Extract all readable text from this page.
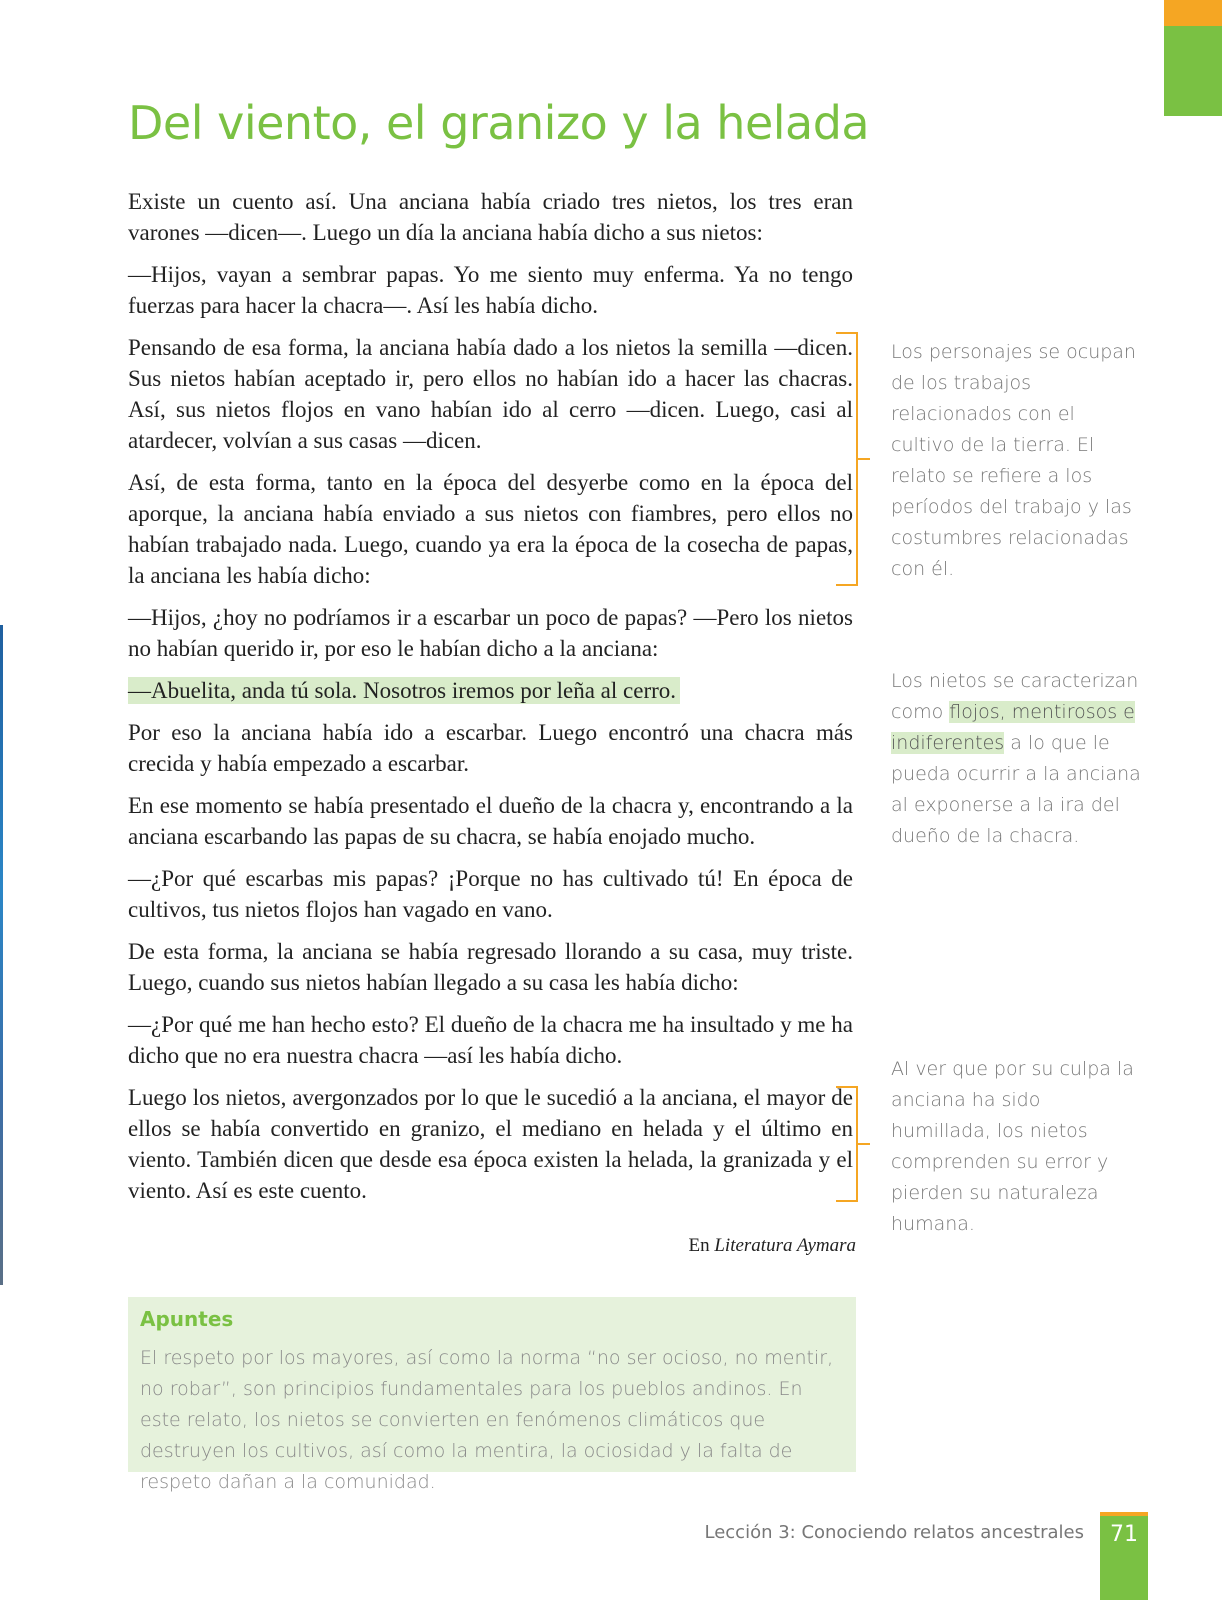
Del viento, el granizo y la helada

Existe un cuento así. Una anciana había criado tres nietos, los tres eran varones —dicen—. Luego un día la anciana había dicho a sus nietos:

—Hijos, vayan a sembrar papas. Yo me siento muy enferma. Ya no tengo fuerzas para hacer la chacra—. Así les había dicho.

Pensando de esa forma, la anciana había dado a los nietos la semilla —dicen. Sus nietos habían aceptado ir, pero ellos no habían ido a hacer las chacras. Así, sus nietos flojos en vano habían ido al cerro —dicen. Luego, casi al atardecer, volvían a sus casas —dicen.

Así, de esta forma, tanto en la época del desyerbe como en la época del aporque, la anciana había enviado a sus nietos con fiambres, pero ellos no habían trabajado nada. Luego, cuando ya era la época de la cosecha de papas, la anciana les había dicho:

—Hijos, ¿hoy no podríamos ir a escarbar un poco de papas? —Pero los nietos no habían querido ir, por eso le habían dicho a la anciana:

—Abuelita, anda tú sola. Nosotros iremos por leña al cerro.

Por eso la anciana había ido a escarbar. Luego encontró una chacra más crecida y había empezado a escarbar.

En ese momento se había presentado el dueño de la chacra y, encontrando a la anciana escarbando las papas de su chacra, se había enojado mucho.

—¿Por qué escarbas mis papas? ¡Porque no has cultivado tú! En época de cultivos, tus nietos flojos han vagado en vano.

De esta forma, la anciana se había regresado llorando a su casa, muy triste. Luego, cuando sus nietos habían llegado a su casa les había dicho:

—¿Por qué me han hecho esto? El dueño de la chacra me ha insultado y me ha dicho que no era nuestra chacra —así les había dicho.

Luego los nietos, avergonzados por lo que le sucedió a la anciana, el mayor de ellos se había convertido en granizo, el mediano en helada y el último en viento. También dicen que desde esa época existen la helada, la granizada y el viento. Así es este cuento.

En Literatura Aymara

Los personajes se ocupan de los trabajos relacionados con el cultivo de la tierra. El relato se refiere a los períodos del trabajo y las costumbres relacionadas con él.

Los nietos se caracterizan como flojos, mentirosos e indiferentes a lo que le pueda ocurrir a la anciana al exponerse a la ira del dueño de la chacra.

Al ver que por su culpa la anciana ha sido humillada, los nietos comprenden su error y pierden su naturaleza humana.

Apuntes

El respeto por los mayores, así como la norma “no ser ocioso, no mentir, no robar”, son principios fundamentales para los pueblos andinos. En este relato, los nietos se convierten en fenómenos climáticos que destruyen los cultivos, así como la mentira, la ociosidad y la falta de respeto dañan a la comunidad.

Lección 3: Conociendo relatos ancestrales	71
